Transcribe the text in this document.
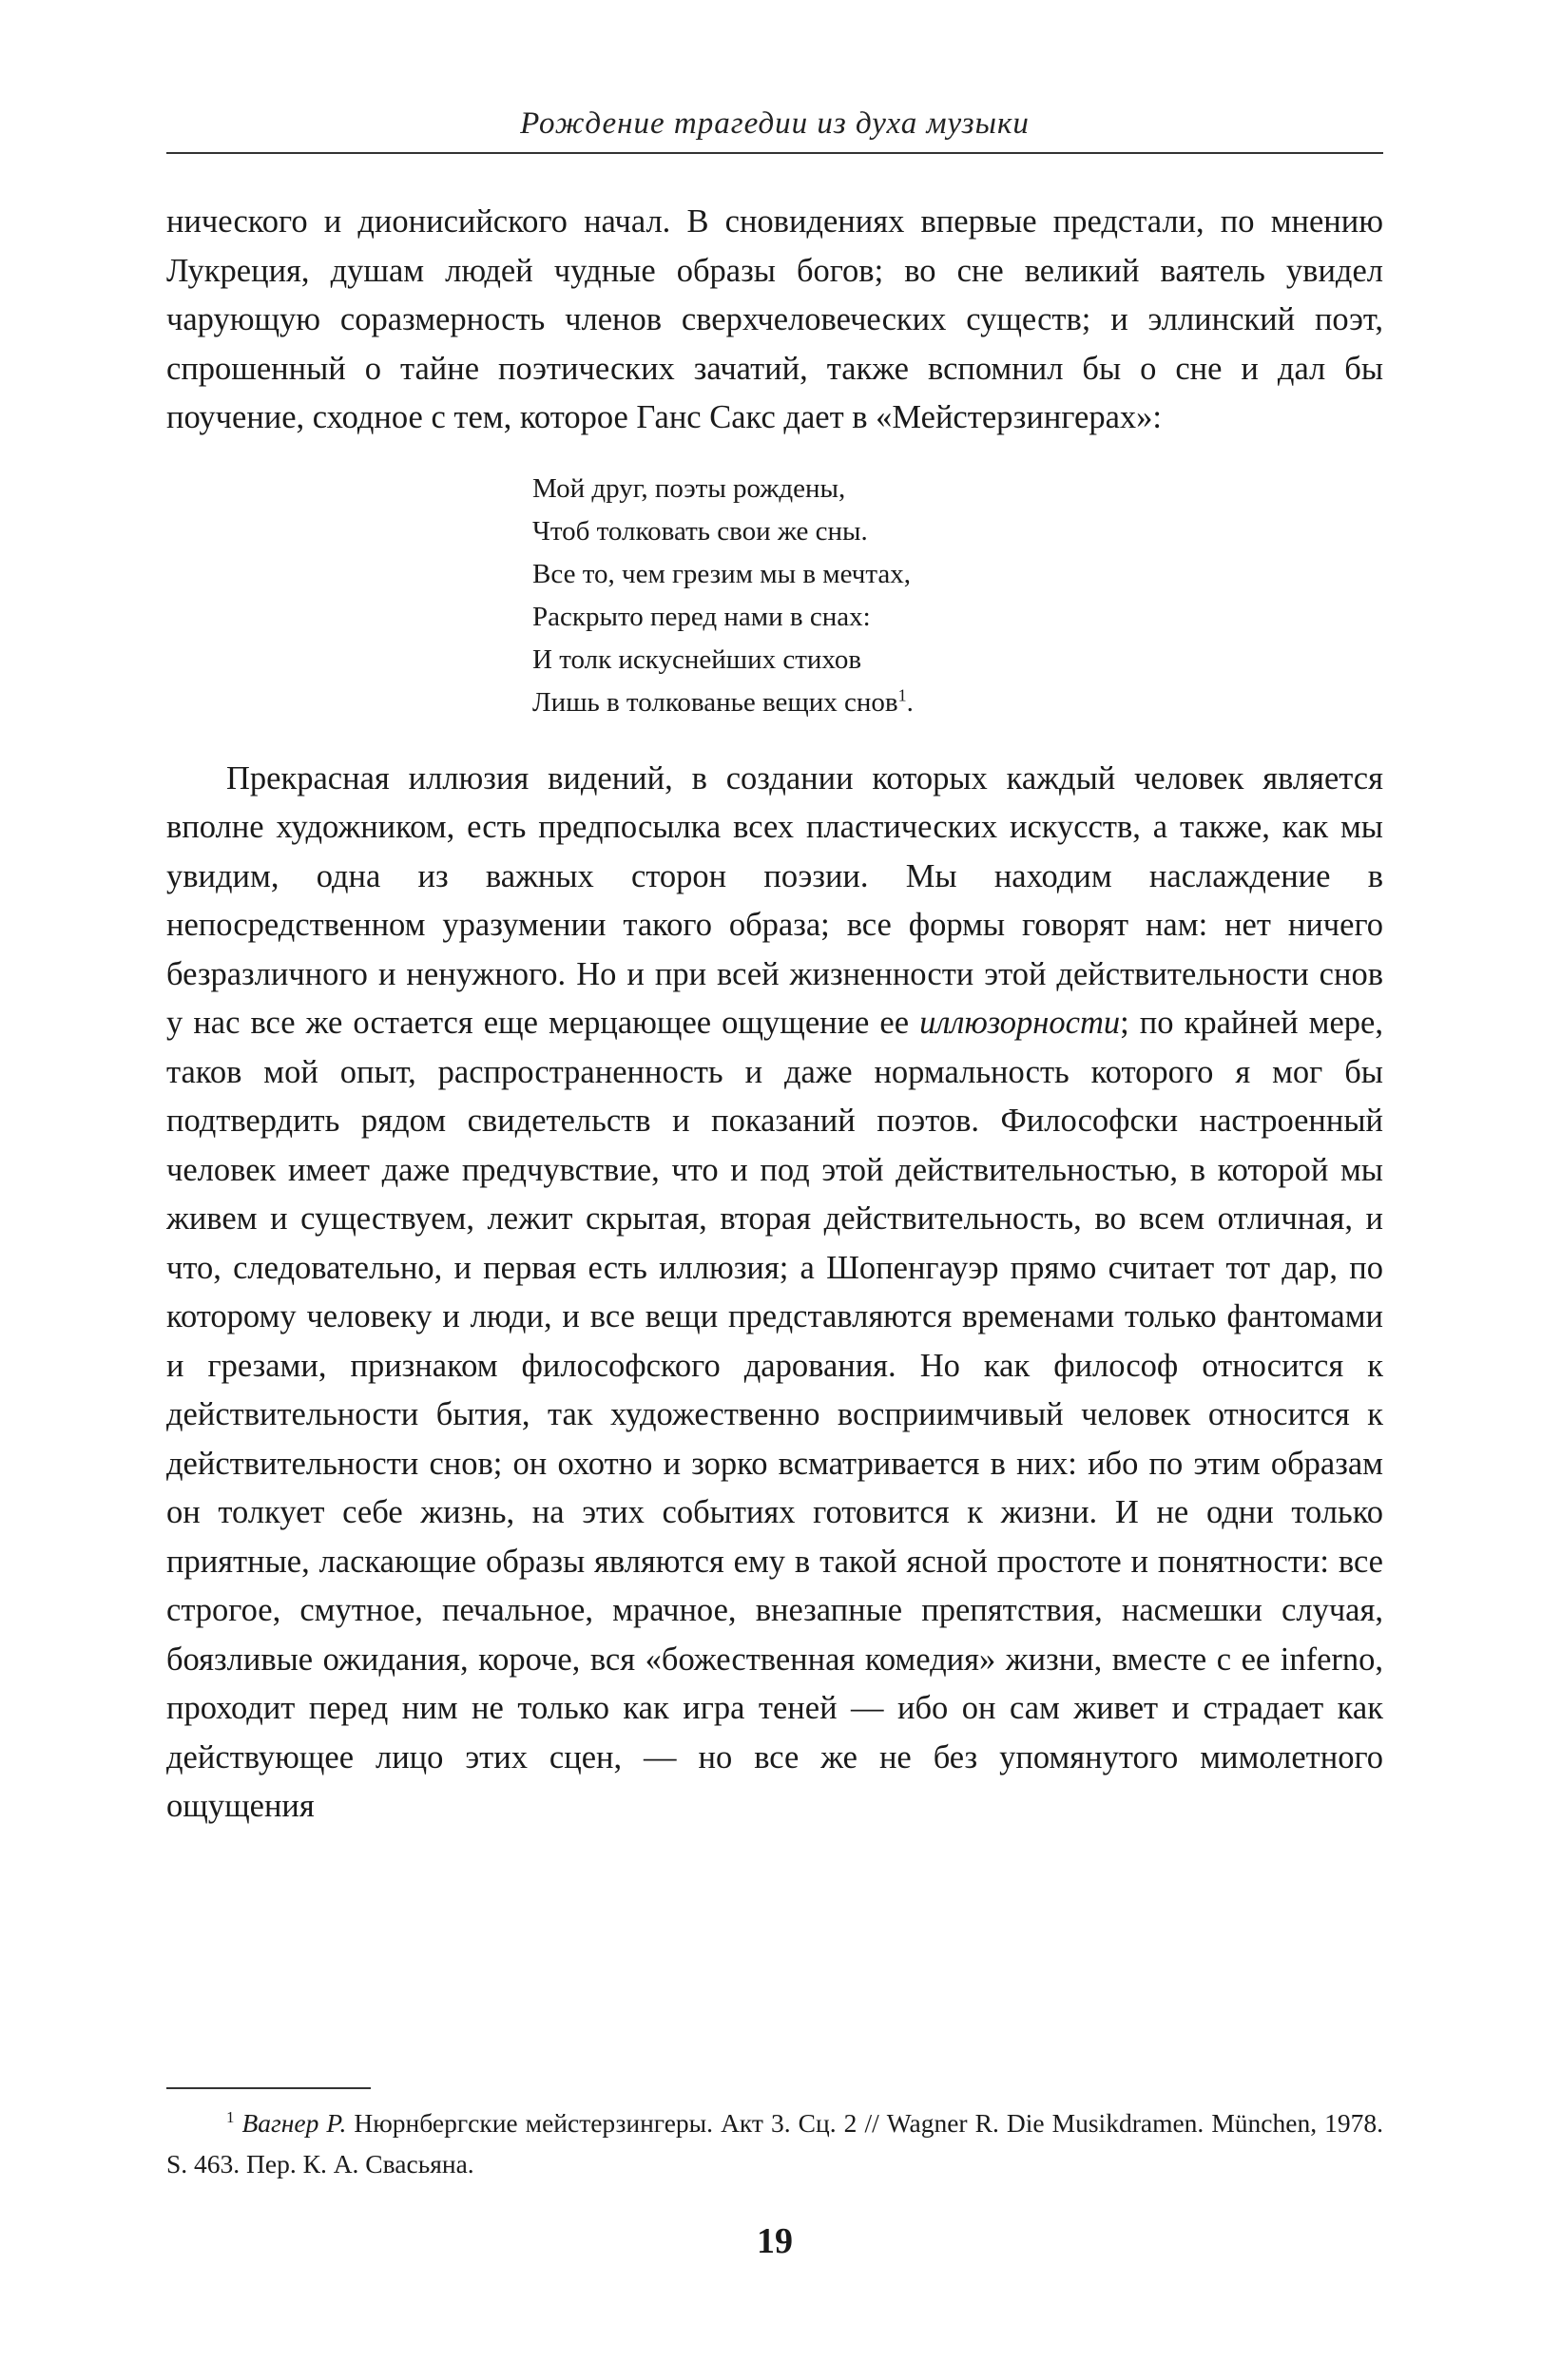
Рождение трагедии из духа музыки

нического и дионисийского начал. В сновидениях впервые предстали, по мнению Лукреция, душам людей чудные образы богов; во сне великий ваятель увидел чарующую соразмерность членов сверхчеловеческих существ; и эллинский поэт, спрошенный о тайне поэтических зачатий, также вспомнил бы о сне и дал бы поучение, сходное с тем, которое Ганс Сакс дает в «Мейстерзингерах»:

Мой друг, поэты рождены,
Чтоб толковать свои же сны.
Все то, чем грезим мы в мечтах,
Раскрыто перед нами в снах:
И толк искуснейших стихов
Лишь в толкованье вещих снов$^1$.

Прекрасная иллюзия видений, в создании которых каждый человек является вполне художником, есть предпосылка всех пластических искусств, а также, как мы увидим, одна из важных сторон поэзии. Мы находим наслаждение в непосредственном уразумении такого образа; все формы говорят нам: нет ничего безразличного и ненужного. Но и при всей жизненности этой действительности снов у нас все же остается еще мерцающее ощущение ее иллюзорности; по крайней мере, таков мой опыт, распространенность и даже нормальность которого я мог бы подтвердить рядом свидетельств и показаний поэтов. Философски настроенный человек имеет даже предчувствие, что и под этой действительностью, в которой мы живем и существуем, лежит скрытая, вторая действительность, во всем отличная, и что, следовательно, и первая есть иллюзия; а Шопенгауэр прямо считает тот дар, по которому человеку и люди, и все вещи представляются временами только фантомами и грезами, признаком философского дарования. Но как философ относится к действительности бытия, так художественно восприимчивый человек относится к действительности снов; он охотно и зорко всматривается в них: ибо по этим образам он толкует себе жизнь, на этих событиях готовится к жизни. И не одни только приятные, ласкающие образы являются ему в такой ясной простоте и понятности: все строгое, смутное, печальное, мрачное, внезапные препятствия, насмешки случая, боязливые ожидания, короче, вся «божественная комедия» жизни, вместе с ее inferno, проходит перед ним не только как игра теней — ибо он сам живет и страдает как действующее лицо этих сцен, — но все же не без упомянутого мимолетного ощущения

$^1$ Вагнер Р. Нюрнбергские мейстерзингеры. Акт 3. Сц. 2 // Wagner R. Die Musikdramen. München, 1978. S. 463. Пер. К. А. Свасьяна.
19
